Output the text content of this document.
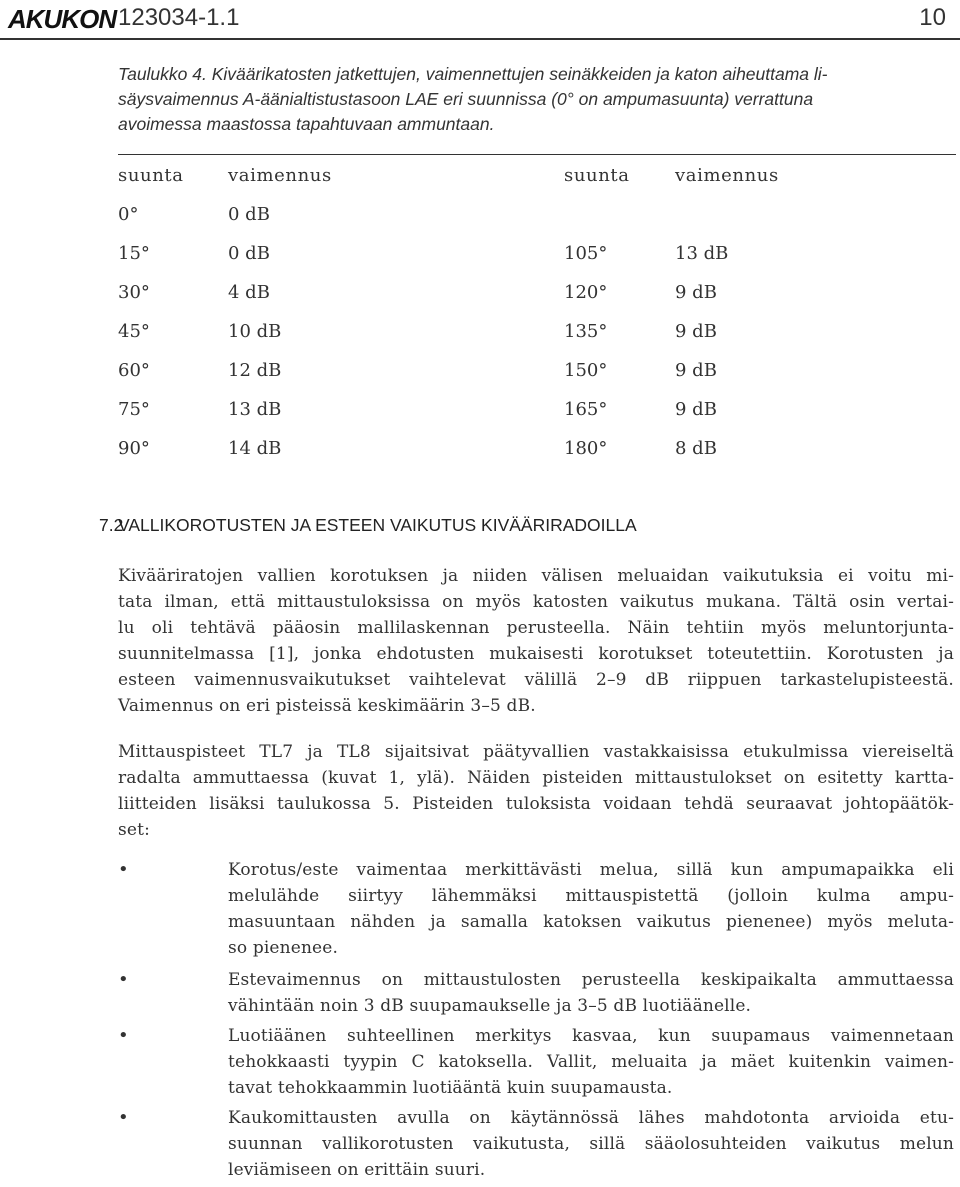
AKUKON 123034-1.1	10
Taulukko 4. Kiväärikatosten jatkettujen, vaimennettujen seinäkkeiden ja katon aiheuttama li-
säysvaimennus A-äänialtistustasoon LAE eri suunnissa (0° on ampumasuunta) verrattuna
avoimessa maastossa tapahtuvaan ammuntaan.
suunta vaimennus	suunta	vaimennus
0°	0 dB
15°	0 dB	105°	13 dB
30°	4 dB	120°	9 dB
45°	10 dB	135°	9 dB
60°	12 dB	150°	9 dB
75°	13 dB	165°	9 dB
90°	14 dB	180°	8 dB
7.2
VALLIKOROTUSTEN JA ESTEEN VAIKUTUS KIVÄÄRIRADOILLA
Kivääriratojen vallien korotuksen ja niiden välisen meluaidan vaikutuksia ei voitu mi-
tata ilman, että mittaustuloksissa on myös katosten vaikutus mukana. Tältä osin vertai-
lu oli tehtävä pääosin mallilaskennan perusteella. Näin tehtiin myös meluntorjunta-
suunnitelmassa [1], jonka ehdotusten mukaisesti korotukset toteutettiin. Korotusten ja
esteen vaimennusvaikutukset vaihtelevat välillä 2–9 dB riippuen tarkastelupisteestä.
Vaimennus on eri pisteissä keskimäärin 3–5 dB.
Mittauspisteet TL7 ja TL8 sijaitsivat päätyvallien vastakkaisissa etukulmissa viereiseltä
radalta ammuttaessa (kuvat 1, ylä). Näiden pisteiden mittaustulokset on esitetty kartta-
liitteiden lisäksi taulukossa 5. Pisteiden tuloksista voidaan tehdä seuraavat johtopäätök-
set:
•	Korotus/este vaimentaa merkittävästi melua, sillä kun ampumapaikka eli
melulähde siirtyy lähemmäksi mittauspistettä (jolloin kulma ampu-
masuuntaan nähden ja samalla katoksen vaikutus pienenee) myös meluta-
so pienenee.
•	Estevaimennus on mittaustulosten perusteella keskipaikalta ammuttaessa
vähintään noin 3 dB suupamaukselle ja 3–5 dB luotiäänelle.
•	Luotiäänen suhteellinen merkitys kasvaa, kun suupamaus vaimennetaan
tehokkaasti tyypin C katoksella. Vallit, meluaita ja mäet kuitenkin vaimen-
tavat tehokkaammin luotiääntä kuin suupamausta.
•	Kaukomittausten avulla on käytännössä lähes mahdotonta arvioida etu-
suunnan vallikorotusten vaikutusta, sillä sääolosuhteiden vaikutus melun
leviämiseen on erittäin suuri.
